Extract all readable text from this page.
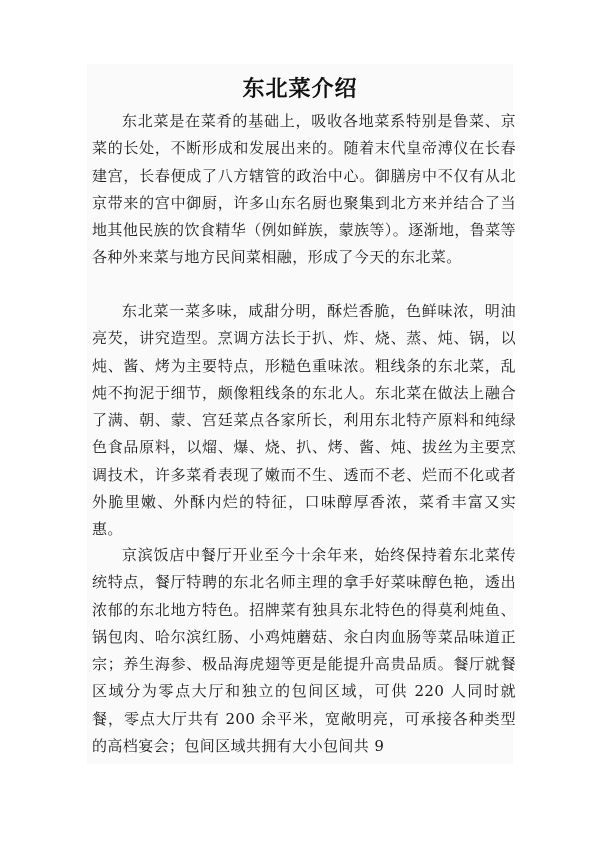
东北菜介绍

东北菜是在菜肴的基础上，吸收各地菜系特别是鲁菜、京菜的长处，不断形成和发展出来的。随着末代皇帝溥仪在长春建宫，长春便成了八方辖管的政治中心。御膳房中不仅有从北京带来的宫中御厨，许多山东名厨也聚集到北方来并结合了当地其他民族的饮食精华（例如鲜族，蒙族等）。逐渐地，鲁菜等各种外来菜与地方民间菜相融，形成了今天的东北菜。

东北菜一菜多味，咸甜分明，酥烂香脆，色鲜味浓，明油亮芡，讲究造型。烹调方法长于扒、炸、烧、蒸、炖、锅，以炖、酱、烤为主要特点，形糙色重味浓。粗线条的东北菜，乱炖不拘泥于细节，颇像粗线条的东北人。东北菜在做法上融合了满、朝、蒙、宫廷菜点各家所长，利用东北特产原料和纯绿色食品原料，以熘、爆、烧、扒、烤、酱、炖、拔丝为主要烹调技术，许多菜肴表现了嫩而不生、透而不老、烂而不化或者外脆里嫩、外酥内烂的特征，口味醇厚香浓，菜肴丰富又实惠。

京滨饭店中餐厅开业至今十余年来，始终保持着东北菜传统特点，餐厅特聘的东北名师主理的拿手好菜味醇色艳，透出浓郁的东北地方特色。招牌菜有独具东北特色的得莫利炖鱼、锅包肉、哈尔滨红肠、小鸡炖蘑菇、汆白肉血肠等菜品味道正宗；养生海参、极品海虎翅等更是能提升高贵品质。餐厅就餐区域分为零点大厅和独立的包间区域，可供 220 人同时就餐，零点大厅共有 200 余平米，宽敞明亮，可承接各种类型的高档宴会；包间区域共拥有大小包间共 9
